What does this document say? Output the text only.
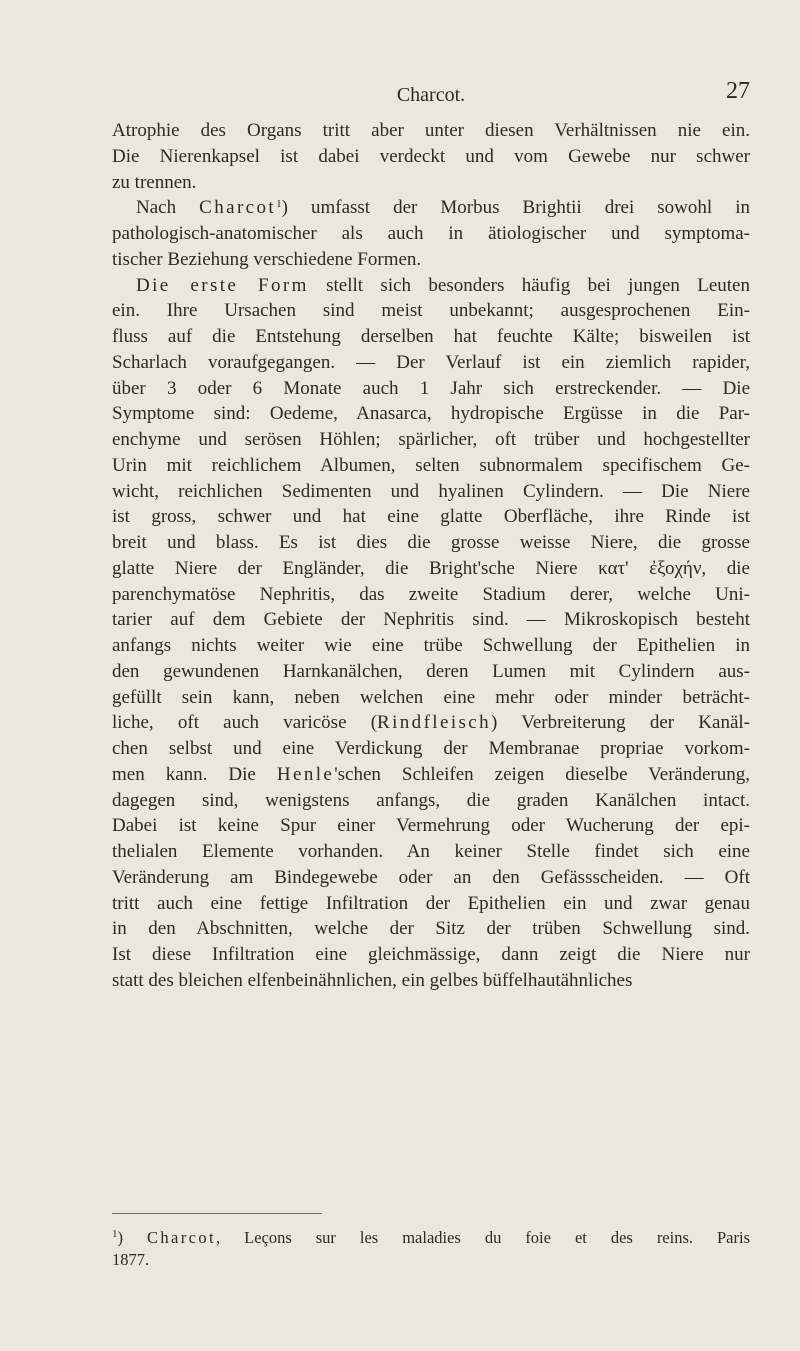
Charcot.	27
Atrophie des Organs tritt aber unter diesen Verhältnissen nie ein.
Die Nierenkapsel ist dabei verdeckt und vom Gewebe nur schwer
zu trennen.
Nach Charcot$^1$) umfasst der Morbus Brightii drei sowohl in
pathologisch-anatomischer als auch in ätiologischer und symptoma-
tischer Beziehung verschiedene Formen.
Die erste Form stellt sich besonders häufig bei jungen Leuten
ein. Ihre Ursachen sind meist unbekannt; ausgesprochenen Ein-
fluss auf die Entstehung derselben hat feuchte Kälte; bisweilen ist
Scharlach voraufgegangen. — Der Verlauf ist ein ziemlich rapider,
über 3 oder 6 Monate auch 1 Jahr sich erstreckender. — Die
Symptome sind: Oedeme, Anasarca, hydropische Ergüsse in die Par-
enchyme und serösen Höhlen; spärlicher, oft trüber und hochgestellter
Urin mit reichlichem Albumen, selten subnormalem specifischem Ge-
wicht, reichlichen Sedimenten und hyalinen Cylindern. — Die Niere
ist gross, schwer und hat eine glatte Oberfläche, ihre Rinde ist
breit und blass. Es ist dies die grosse weisse Niere, die grosse
glatte Niere der Engländer, die Bright'sche Niere κατ' ἐξοχήν, die
parenchymatöse Nephritis, das zweite Stadium derer, welche Uni-
tarier auf dem Gebiete der Nephritis sind. — Mikroskopisch besteht
anfangs nichts weiter wie eine trübe Schwellung der Epithelien in
den gewundenen Harnkanälchen, deren Lumen mit Cylindern aus-
gefüllt sein kann, neben welchen eine mehr oder minder beträcht-
liche, oft auch varicöse (Rindfleisch) Verbreiterung der Kanäl-
chen selbst und eine Verdickung der Membranae propriae vorkom-
men kann. Die Henle'schen Schleifen zeigen dieselbe Veränderung,
dagegen sind, wenigstens anfangs, die graden Kanälchen intact.
Dabei ist keine Spur einer Vermehrung oder Wucherung der epi-
thelialen Elemente vorhanden. An keiner Stelle findet sich eine
Veränderung am Bindegewebe oder an den Gefässscheiden. — Oft
tritt auch eine fettige Infiltration der Epithelien ein und zwar genau
in den Abschnitten, welche der Sitz der trüben Schwellung sind.
Ist diese Infiltration eine gleichmässige, dann zeigt die Niere nur
statt des bleichen elfenbeinähnlichen, ein gelbes büffelhautähnliches
$^1$) Charcot, Leçons sur les maladies du foie et des reins. Paris
1877.
